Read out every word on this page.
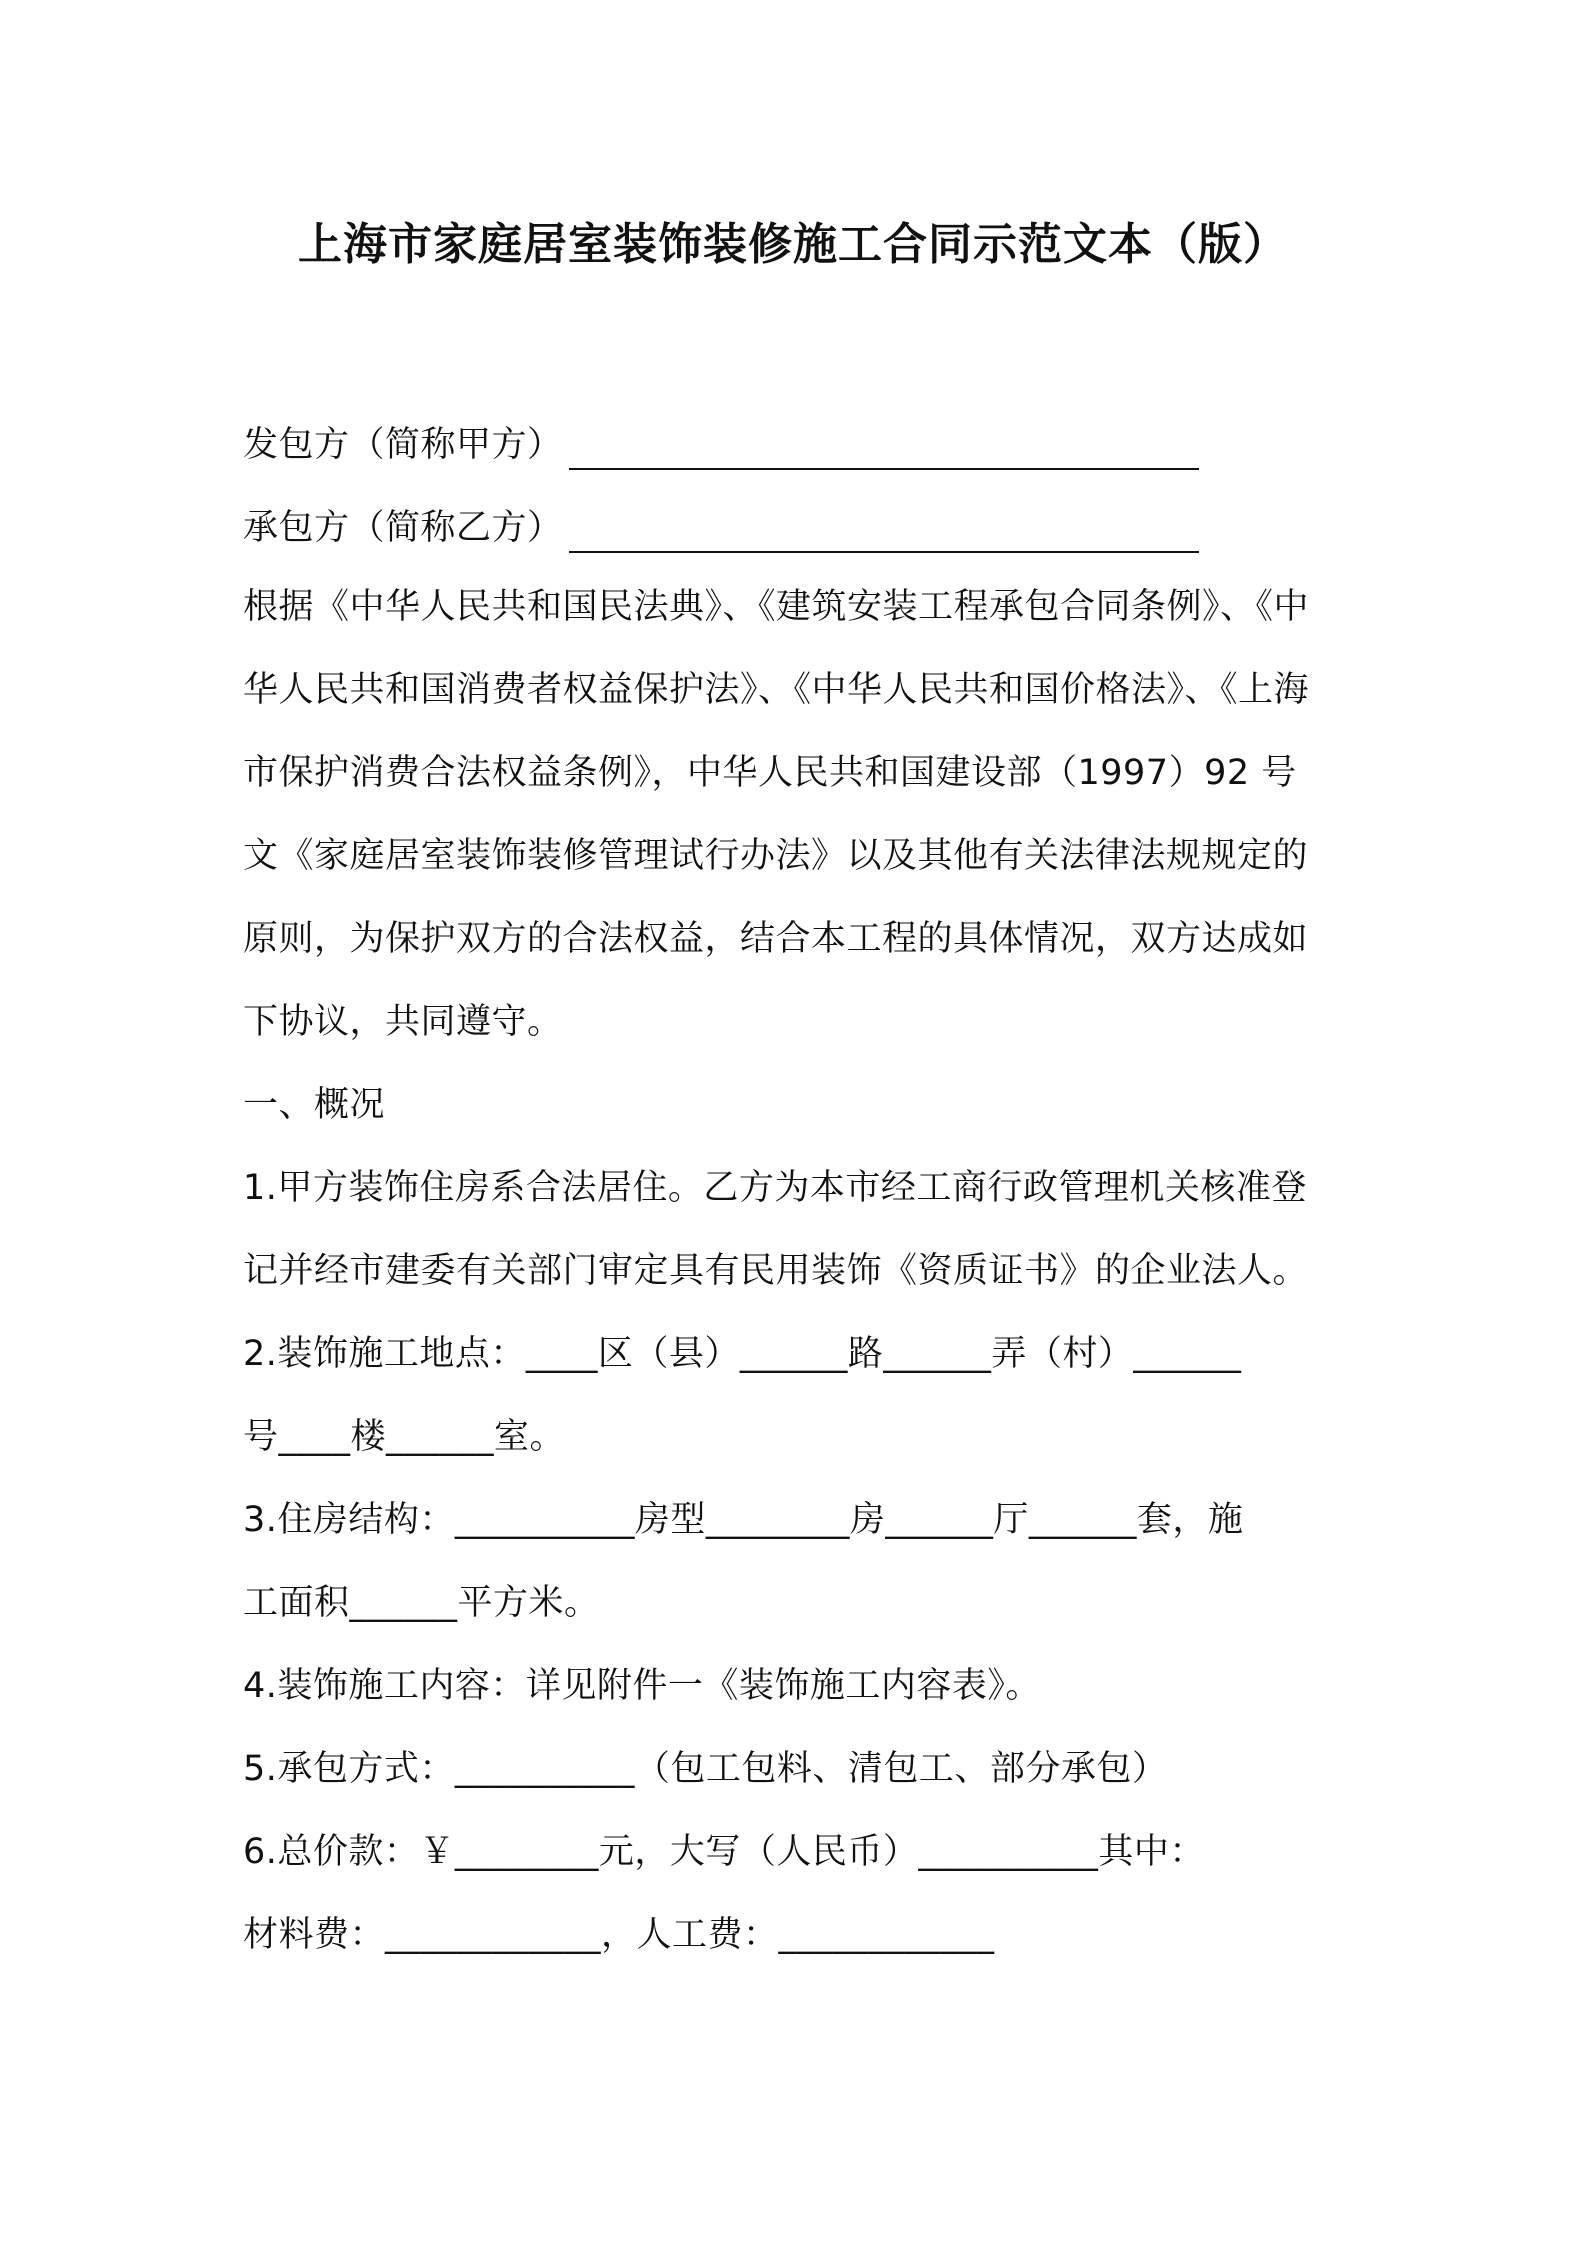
上海市家庭居室装饰装修施工合同示范文本（版）
发包方（简称甲方）
承包方（简称乙方）
根据《中华人民共和国民法典》、《建筑安装工程承包合同条例》、《中
华人民共和国消费者权益保护法》、《中华人民共和国价格法》、《上海
市保护消费合法权益条例》，中华人民共和国建设部（1997）92 号
文《家庭居室装饰装修管理试行办法》以及其他有关法律法规规定的
原则，为保护双方的合法权益，结合本工程的具体情况，双方达成如
下协议，共同遵守。
一、概况
1.甲方装饰住房系合法居住。乙方为本市经工商行政管理机关核准登
记并经市建委有关部门审定具有民用装饰《资质证书》的企业法人。
2.装饰施工地点：____区（县）______路______弄（村）______
号____楼______室。
3.住房结构：__________房型________房______厅______套，施
工面积______平方米。
4.装饰施工内容：详见附件一《装饰施工内容表》。
5.承包方式：__________（包工包料、清包工、部分承包）
6.总价款：￥________元，大写（人民币）__________其中：
材料费：____________，人工费：____________
